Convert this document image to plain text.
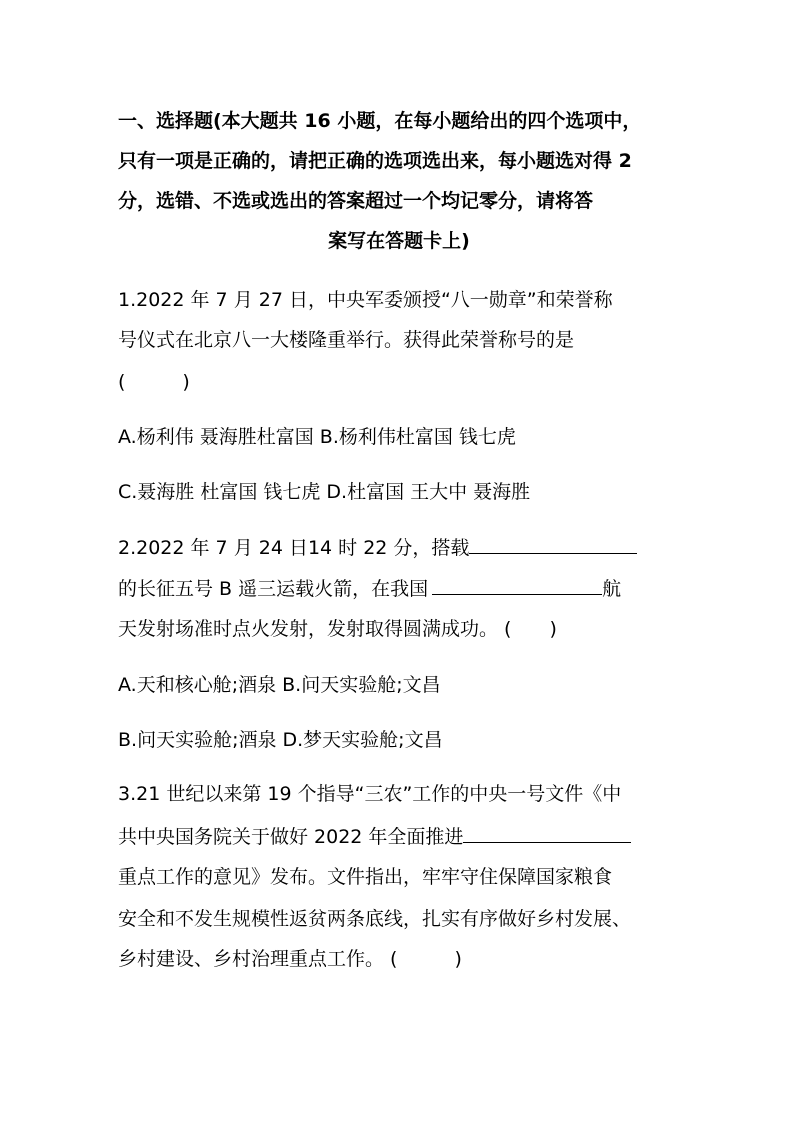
一、选择题(本大题共 16 小题，在每小题给出的四个选项中，
只有一项是正确的，请把正确的选项选出来，每小题选对得 2
分，选错、不选或选出的答案超过一个均记零分，请将答
案写在答题卡上)
1.2022 年 7 月 27 日，中央军委颁授“八一勋章”和荣誉称
号仪式在北京八一大楼隆重举行。获得此荣誉称号的是
(　　　)
A.杨利伟 聂海胜杜富国 B.杨利伟杜富国 钱七虎
C.聂海胜 杜富国 钱七虎 D.杜富国 王大中 聂海胜
2.2022 年 7 月 24 日14 时 22 分，搭载
的长征五号 B 遥三运载火箭，在我国	航
天发射场准时点火发射，发射取得圆满成功。 (　　)
A.天和核心舱;酒泉 B.问天实验舱;文昌
B.问天实验舱;酒泉 D.梦天实验舱;文昌
3.21 世纪以来第 19 个指导“三农”工作的中央一号文件《中
共中央国务院关于做好 2022 年全面推进
重点工作的意见》发布。文件指出，牢牢守住保障国家粮食
安全和不发生规模性返贫两条底线，扎实有序做好乡村发展、
乡村建设、乡村治理重点工作。 (　　　)
